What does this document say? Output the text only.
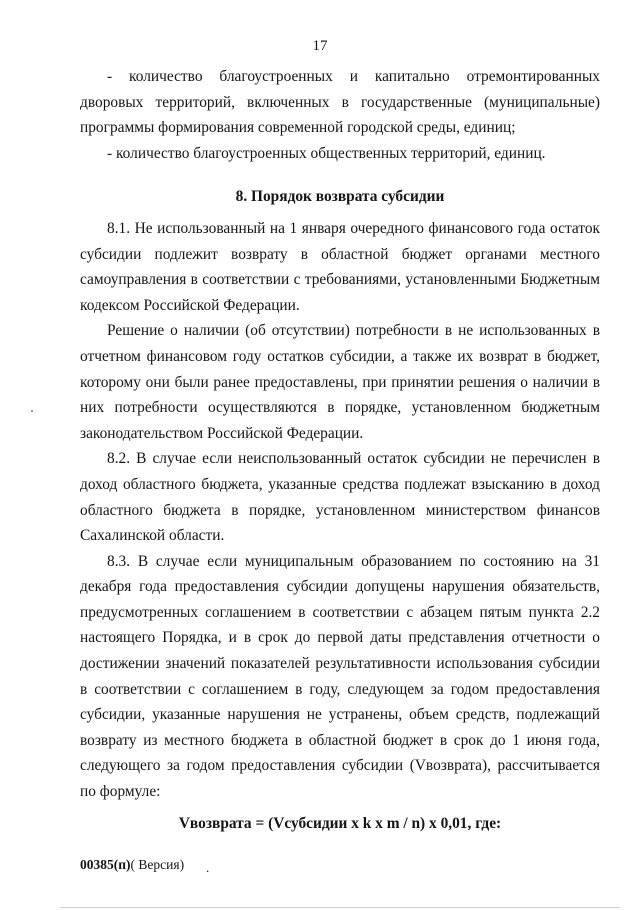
17

- количество благоустроенных и капитально отремонтированных дворовых территорий, включенных в государственные (муниципальные) программы формирования современной городской среды, единиц;

- количество благоустроенных общественных территорий, единиц.

8. Порядок возврата субсидии

8.1. Не использованный на 1 января очередного финансового года остаток субсидии подлежит возврату в областной бюджет органами местного самоуправления в соответствии с требованиями, установленными Бюджетным кодексом Российской Федерации.

Решение о наличии (об отсутствии) потребности в не использованных в отчетном финансовом году остатков субсидии, а также их возврат в бюджет, которому они были ранее предоставлены, при принятии решения о наличии в них потребности осуществляются в порядке, установленном бюджетным законодательством Российской Федерации.

8.2. В случае если неиспользованный остаток субсидии не перечислен в доход областного бюджета, указанные средства подлежат взысканию в доход областного бюджета в порядке, установленном министерством финансов Сахалинской области.

8.3. В случае если муниципальным образованием по состоянию на 31 декабря года предоставления субсидии допущены нарушения обязательств, предусмотренных соглашением в соответствии с абзацем пятым пункта 2.2 настоящего Порядка, и в срок до первой даты представления отчетности о достижении значений показателей результативности использования субсидии в соответствии с соглашением в году, следующем за годом предоставления субсидии, указанные нарушения не устранены, объем средств, подлежащий возврату из местного бюджета в областной бюджет в срок до 1 июня года, следующего за годом предоставления субсидии (Vвозврата), рассчитывается по формуле:

Vвозврата = (Vсубсидии x k x m / n) x 0,01, где:

00385(п)( Версия) .
